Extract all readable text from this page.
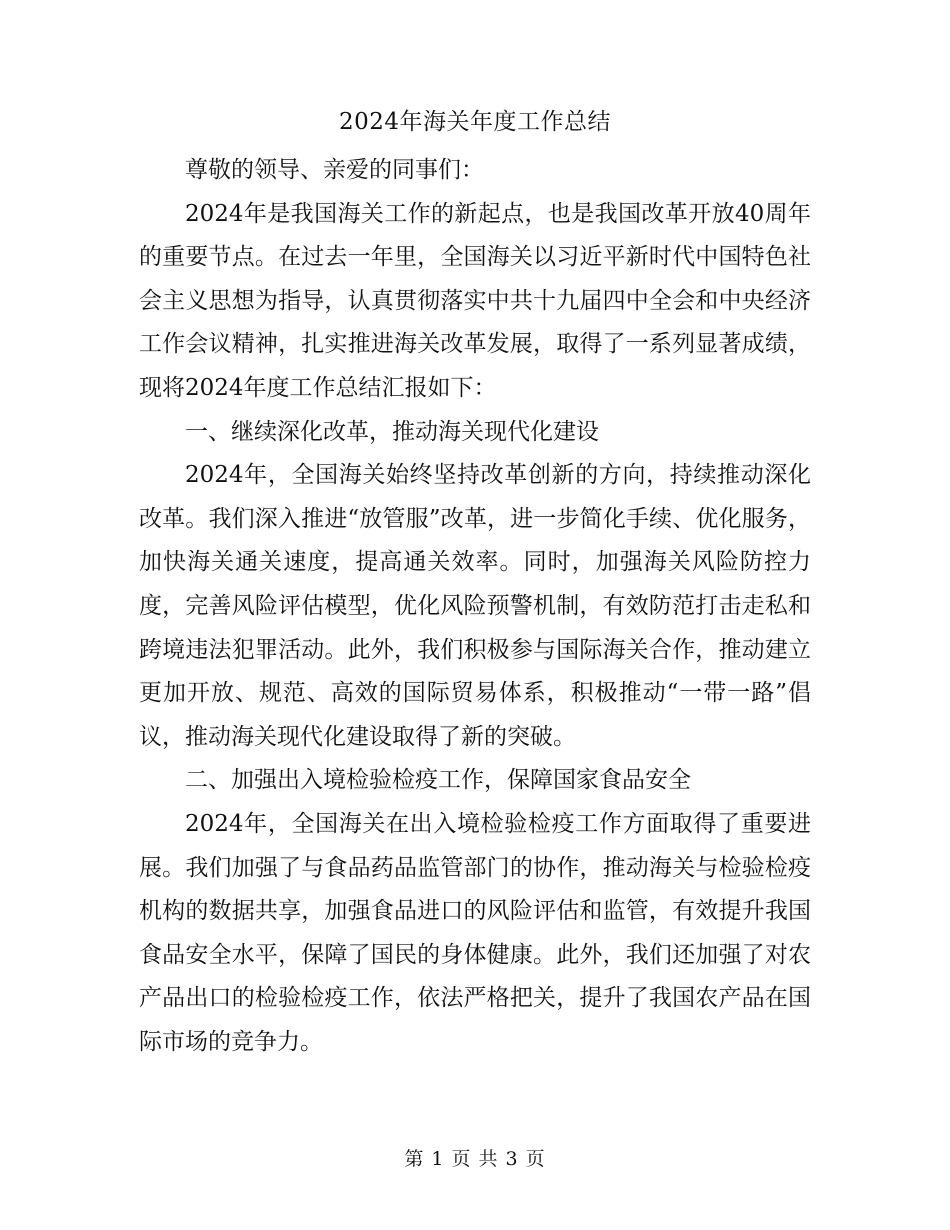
2024年海关年度工作总结

尊敬的领导、亲爱的同事们：

2024年是我国海关工作的新起点，也是我国改革开放40周年的重要节点。在过去一年里，全国海关以习近平新时代中国特色社会主义思想为指导，认真贯彻落实中共十九届四中全会和中央经济工作会议精神，扎实推进海关改革发展，取得了一系列显著成绩，现将2024年度工作总结汇报如下：

一、继续深化改革，推动海关现代化建设

2024年，全国海关始终坚持改革创新的方向，持续推动深化改革。我们深入推进“放管服”改革，进一步简化手续、优化服务，加快海关通关速度，提高通关效率。同时，加强海关风险防控力度，完善风险评估模型，优化风险预警机制，有效防范打击走私和跨境违法犯罪活动。此外，我们积极参与国际海关合作，推动建立更加开放、规范、高效的国际贸易体系，积极推动“一带一路”倡议，推动海关现代化建设取得了新的突破。

二、加强出入境检验检疫工作，保障国家食品安全

2024年，全国海关在出入境检验检疫工作方面取得了重要进展。我们加强了与食品药品监管部门的协作，推动海关与检验检疫机构的数据共享，加强食品进口的风险评估和监管，有效提升我国食品安全水平，保障了国民的身体健康。此外，我们还加强了对农产品出口的检验检疫工作，依法严格把关，提升了我国农产品在国际市场的竞争力。

第 1 页 共 3 页
